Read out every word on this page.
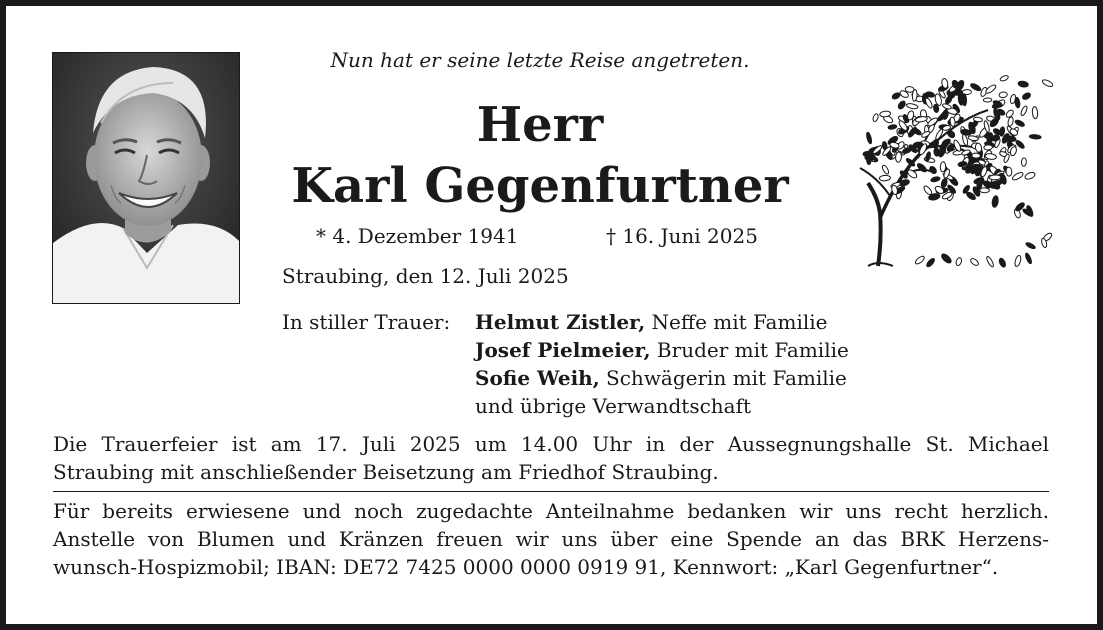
Nun hat er seine letzte Reise angetreten.
Herr
Karl Gegenfurtner
* 4. Dezember 1941	† 16. Juni 2025
Straubing, den 12. Juli 2025
In stiller Trauer: Helmut Zistler, Neffe mit Familie
Josef Pielmeier, Bruder mit Familie
Sofie Weih, Schwägerin mit Familie
und übrige Verwandtschaft
Die Trauerfeier ist am 17. Juli 2025 um 14.00 Uhr in der Aussegnungshalle St. Michael
Straubing mit anschließender Beisetzung am Friedhof Straubing.
Für bereits erwiesene und noch zugedachte Anteilnahme bedanken wir uns recht herzlich.
Anstelle von Blumen und Kränzen freuen wir uns über eine Spende an das BRK Herzens-
wunsch-Hospizmobil; IBAN: DE72 7425 0000 0000 0919 91, Kennwort: „Karl Gegenfurtner“.
